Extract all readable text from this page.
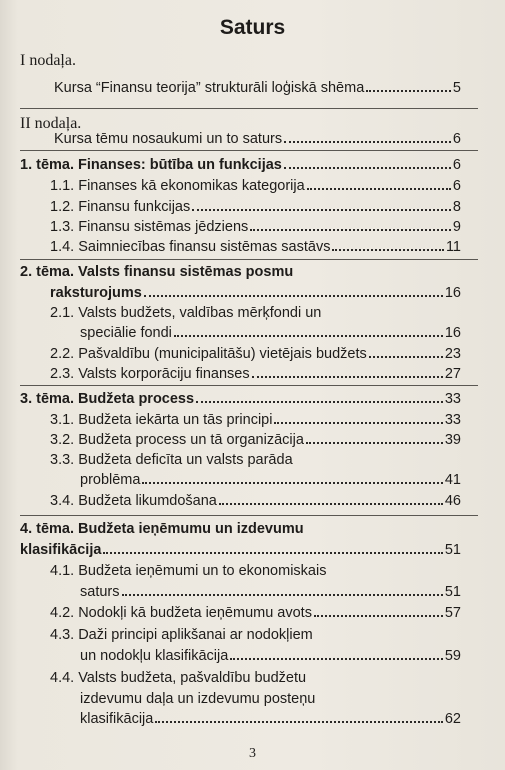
Saturs
I nodaļa.
Kursa “Finansu teorija” strukturāli loģiskā shēma	5
II nodaļa.
Kursa tēmu nosaukumi un to saturs	6
1. tēma. Finanses: būtība un funkcijas	6
1.1. Finanses kā ekonomikas kategorija	6
1.2. Finansu funkcijas	8
1.3. Finansu sistēmas jēdziens	9
1.4. Saimniecības finansu sistēmas sastāvs	11
2. tēma. Valsts finansu sistēmas posmu
raksturojums	16
2.1. Valsts budžets, valdības mērķfondi un
speciālie fondi	16
2.2. Pašvaldību (municipalitāšu) vietējais budžets	23
2.3. Valsts korporāciju finanses	27
3. tēma. Budžeta process	33
3.1. Budžeta iekārta un tās principi	33
3.2. Budžeta process un tā organizācija	39
3.3. Budžeta deficīta un valsts parāda
problēma	41
3.4. Budžeta likumdošana	46
4. tēma. Budžeta ieņēmumu un izdevumu
klasifikācija	51
4.1. Budžeta ieņēmumi un to ekonomiskais
saturs	51
4.2. Nodokļi kā budžeta ieņēmumu avots	57
4.3. Daži principi aplikšanai ar nodokļiem
un nodokļu klasifikācija	59
4.4. Valsts budžeta, pašvaldību budžetu
izdevumu daļa un izdevumu posteņu
klasifikācija	62
3
